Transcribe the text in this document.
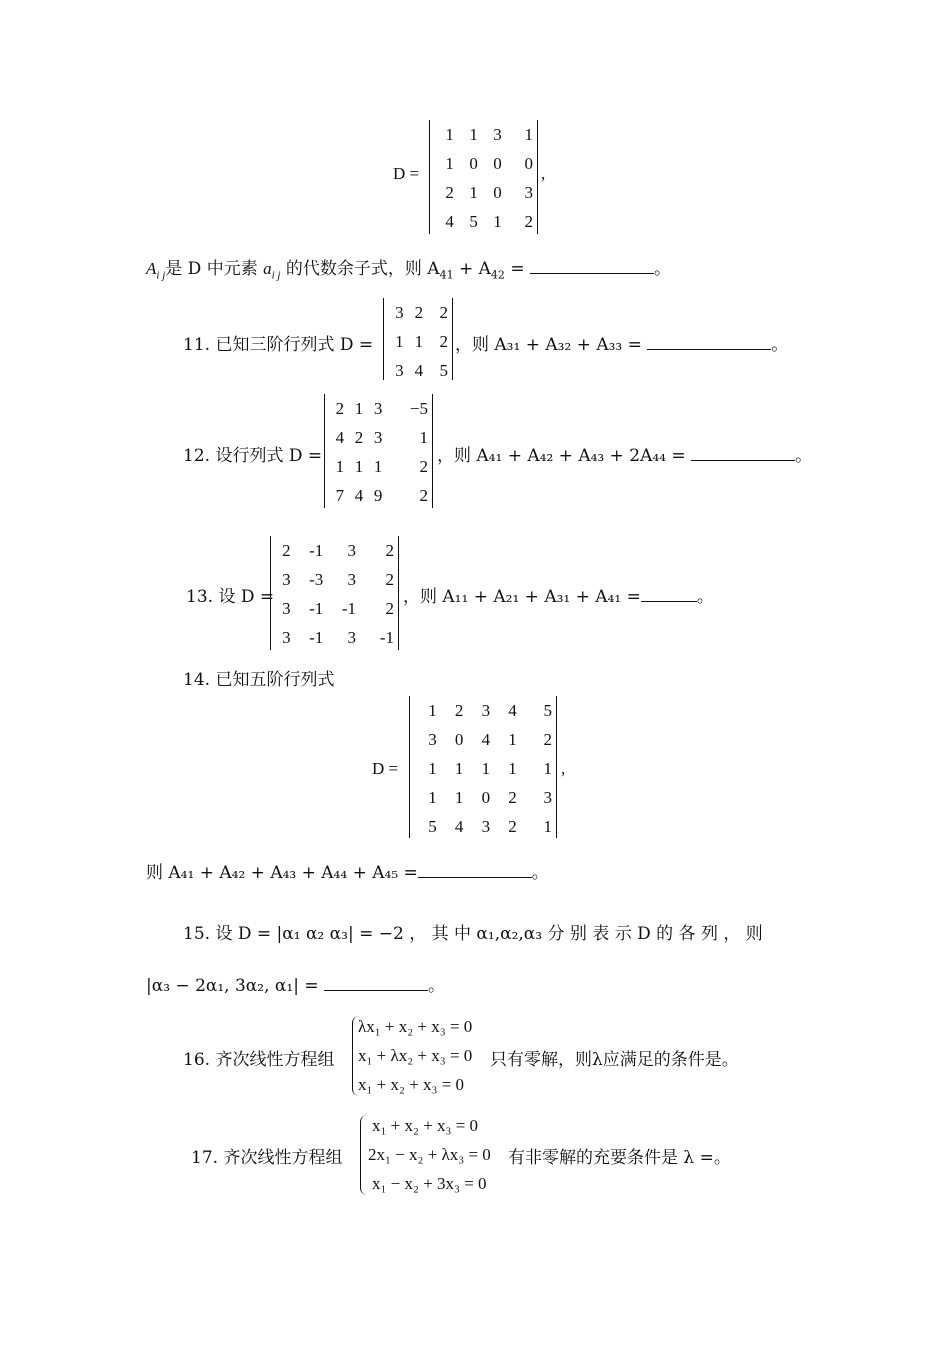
D =
1	1	3	1
1	0	0	0
2	1	0	3
4	5	1	2
,
$A_{i j}$是 D 中元素 $a_{i j}$ 的代数余子式，则 $A_{41} + A_{42}$ =	。
11. 已知三阶行列式 D =
3	2	2
1	1	2
3	4	5
，则 A₃₁ + A₃₂ + A₃₃ =	。
12. 设行列式 D =
2	1	3	−5
4	2	3	1
1	1	1	2
7	4	9	2
，则 A₄₁ + A₄₂ + A₄₃ + 2A₄₄ =	。
13. 设 D =
2	-1	3	2
3	-3	3	2
3	-1	-1	2
3	-1	3	-1
，则 A₁₁ + A₂₁ + A₃₁ + A₄₁ =	。
14. 已知五阶行列式
D =
1	2	3	4	5
3	0	4	1	2
1	1	1	1	1
1	1	0	2	3
5	4	3	2	1
,
则 A₄₁ + A₄₂ + A₄₃ + A₄₄ + A₄₅ =	。
15. 设 D = |α₁ α₂ α₃| = −2 ， 其 中 α₁,α₂,α₃ 分 别 表 示 D 的 各 列 ， 则
|α₃ − 2α₁, 3α₂, α₁| =	。
16. 齐次线性方程组
λx₁ + x₂ + x₃ = 0
x₁ + λx₂ + x₃ = 0
x₁ + x₂ + x₃ = 0
只有零解，则λ应满足的条件是。
17. 齐次线性方程组
x₁ + x₂ + x₃ = 0
2x₁ − x₂ + λx₃ = 0
x₁ − x₂ + 3x₃ = 0
有非零解的充要条件是 λ =。
